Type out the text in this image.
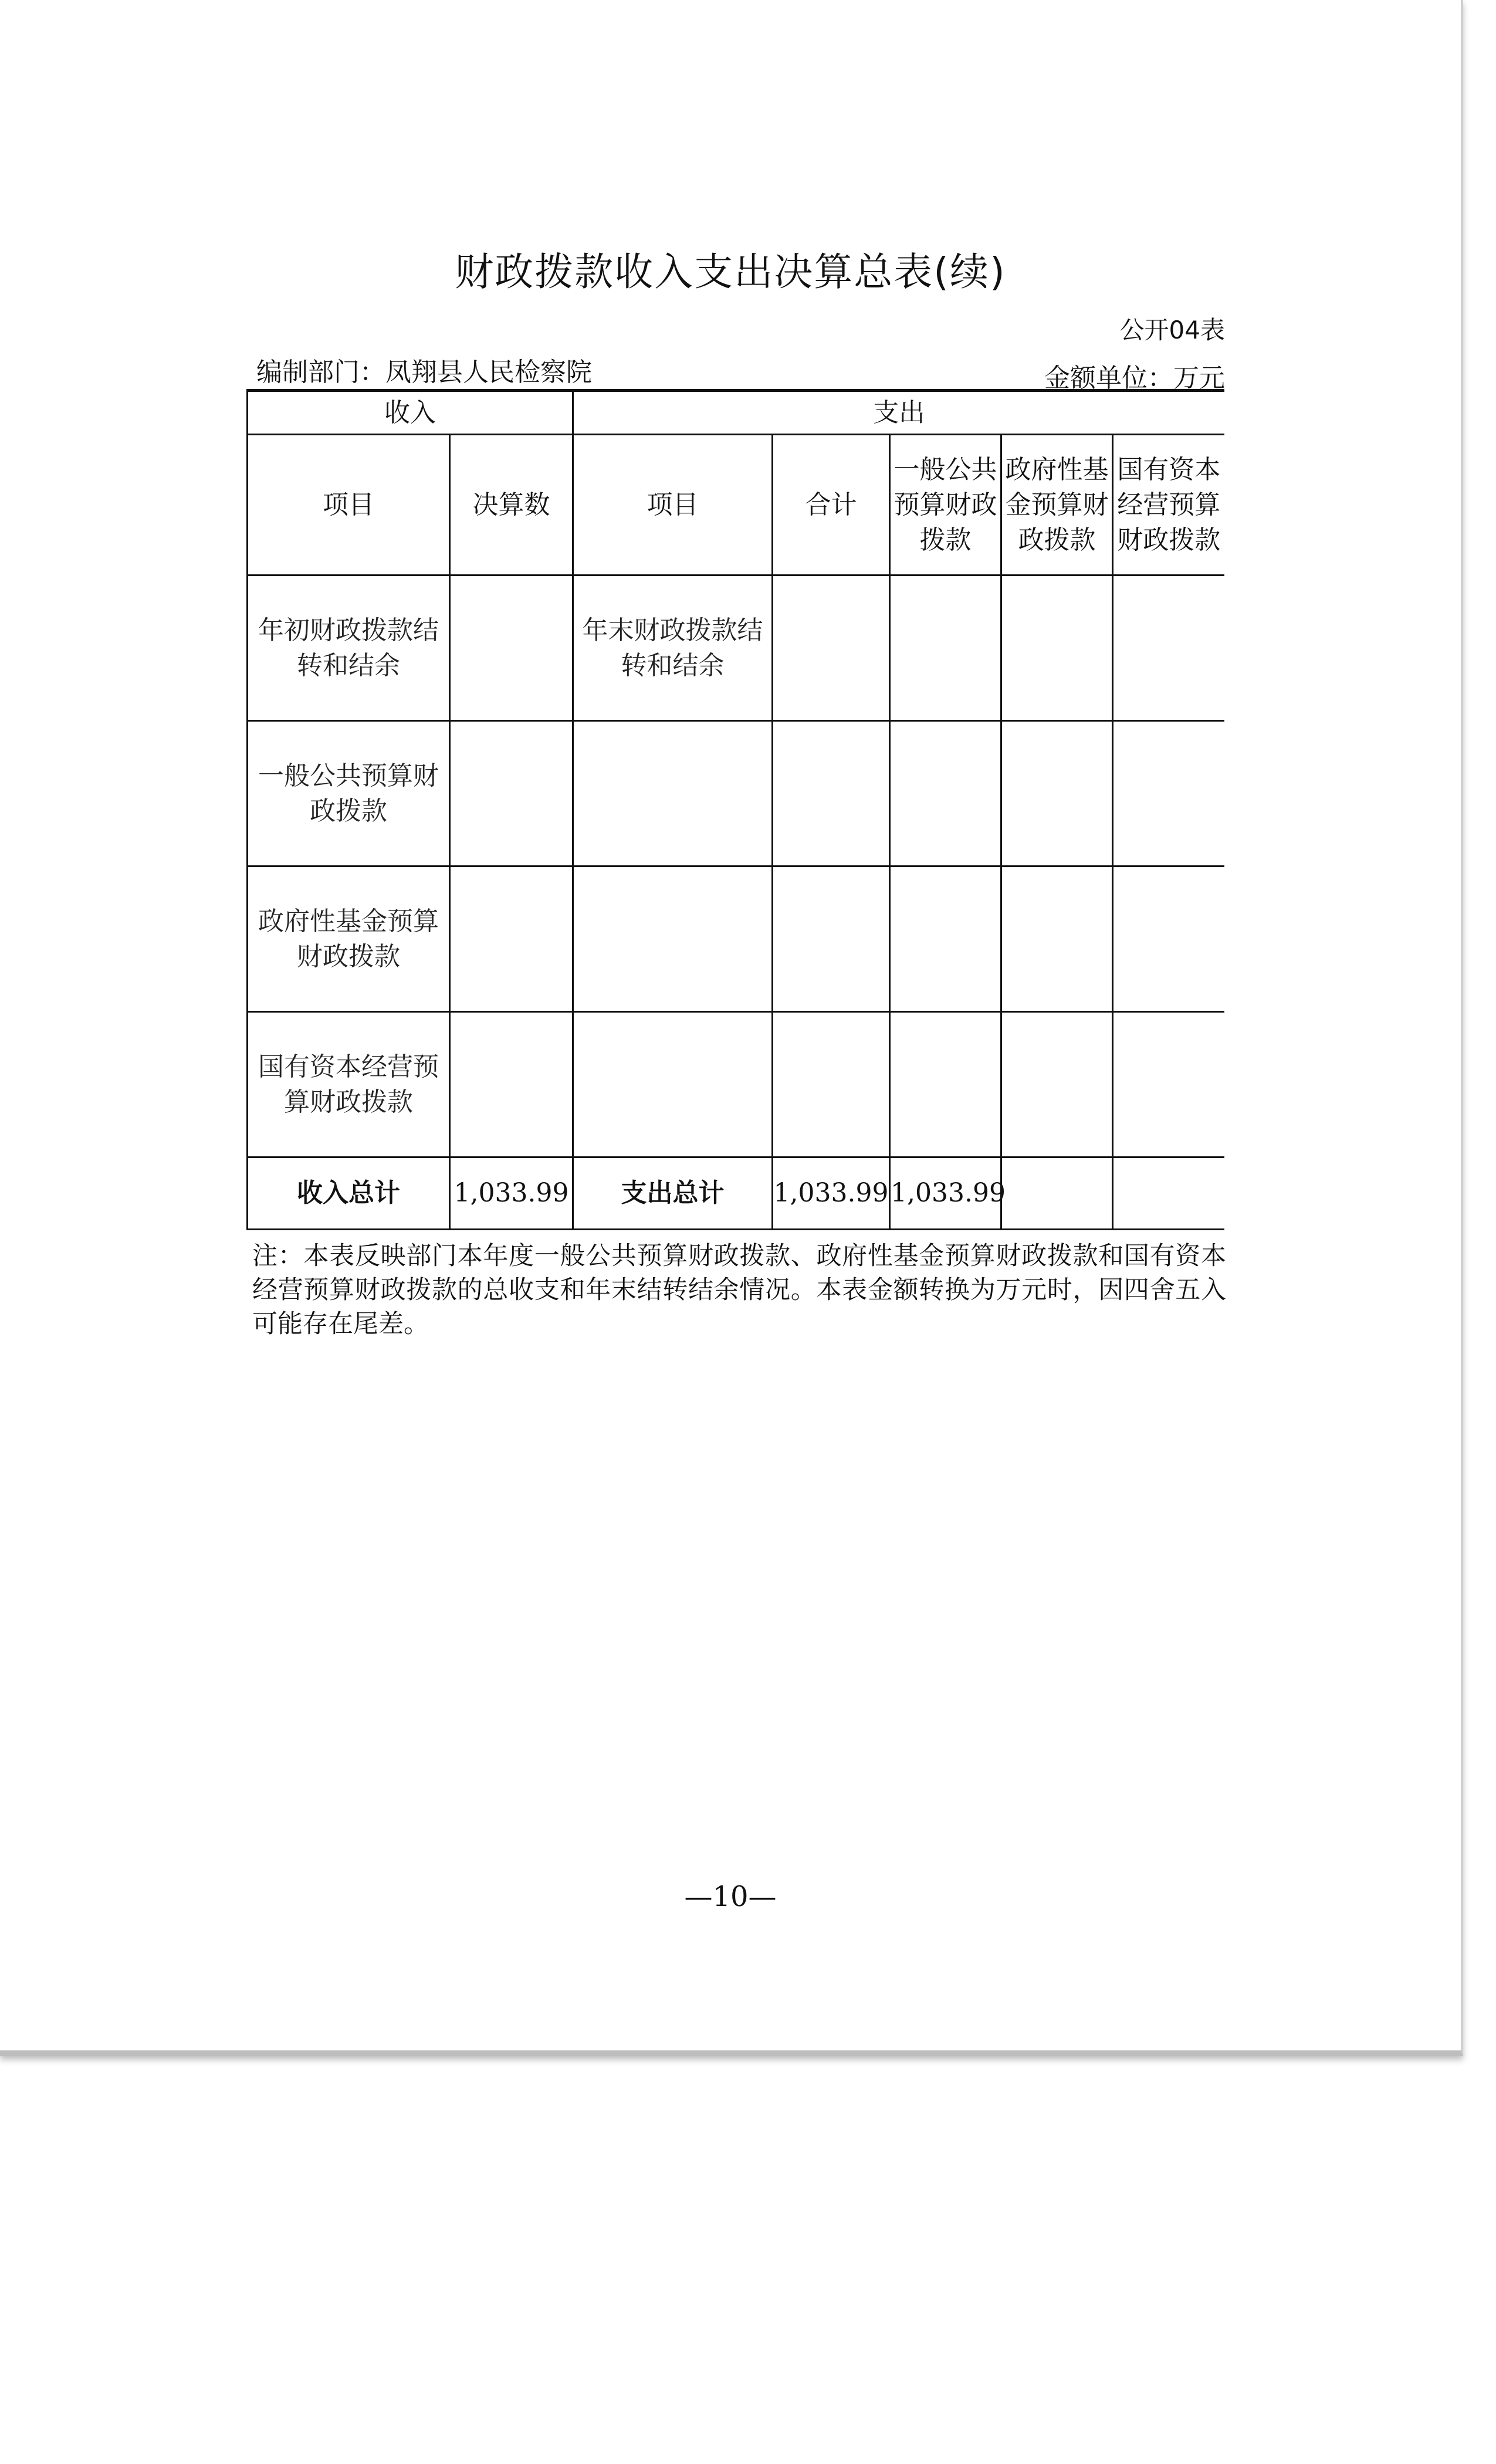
财政拨款收入支出决算总表(续)
公开04表
编制部门：凤翔县人民检察院	金额单位：万元
收入		支出				
项目	决算数	项目	合计	一般公共预算财政拨款	政府性基金预算财政拨款	国有资本经营预算财政拨款
年初财政拨款结转和结余		年末财政拨款结转和结余				
一般公共预算财政拨款						
政府性基金预算财政拨款						
国有资本经营预算财政拨款						
收入总计	1,033.99	支出总计	1,033.99	1,033.99		
注：本表反映部门本年度一般公共预算财政拨款、政府性基金预算财政拨款和国有资本经营预算财政拨款的总收支和年末结转结余情况。本表金额转换为万元时，因四舍五入可能存在尾差。
—10—
